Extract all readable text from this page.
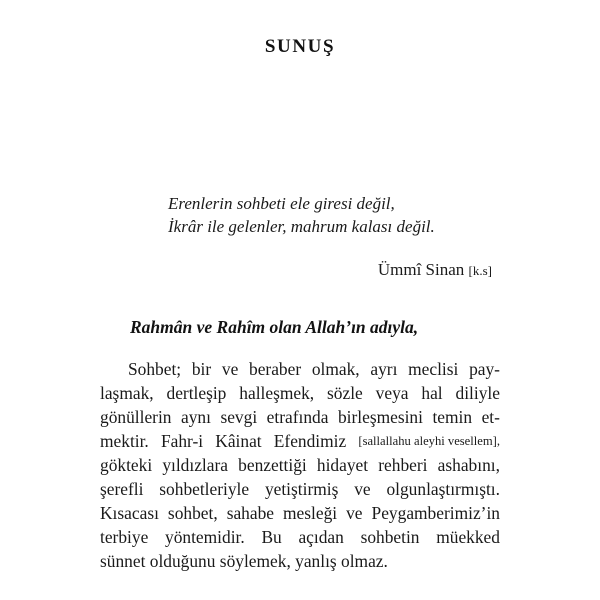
SUNUŞ
Erenlerin sohbeti ele giresi değil,
İkrâr ile gelenler, mahrum kalası değil.
Ümmî Sinan [k.s]
Rahmân ve Rahîm olan Allah’ın adıyla,
Sohbet; bir ve beraber olmak, ayrı meclisi pay-
laşmak, dertleşip halleşmek, sözle veya hal diliyle
gönüllerin aynı sevgi etrafında birleşmesini temin et-
mektir. Fahr-i Kâinat Efendimiz [sallallahu aleyhi vesellem],
gökteki yıldızlara benzettiği hidayet rehberi ashabını,
şerefli sohbetleriyle yetiştirmiş ve olgunlaştırmıştı.
Kısacası sohbet, sahabe mesleği ve Peygamberimiz’in
terbiye yöntemidir. Bu açıdan sohbetin müekked
sünnet olduğunu söylemek, yanlış olmaz.
